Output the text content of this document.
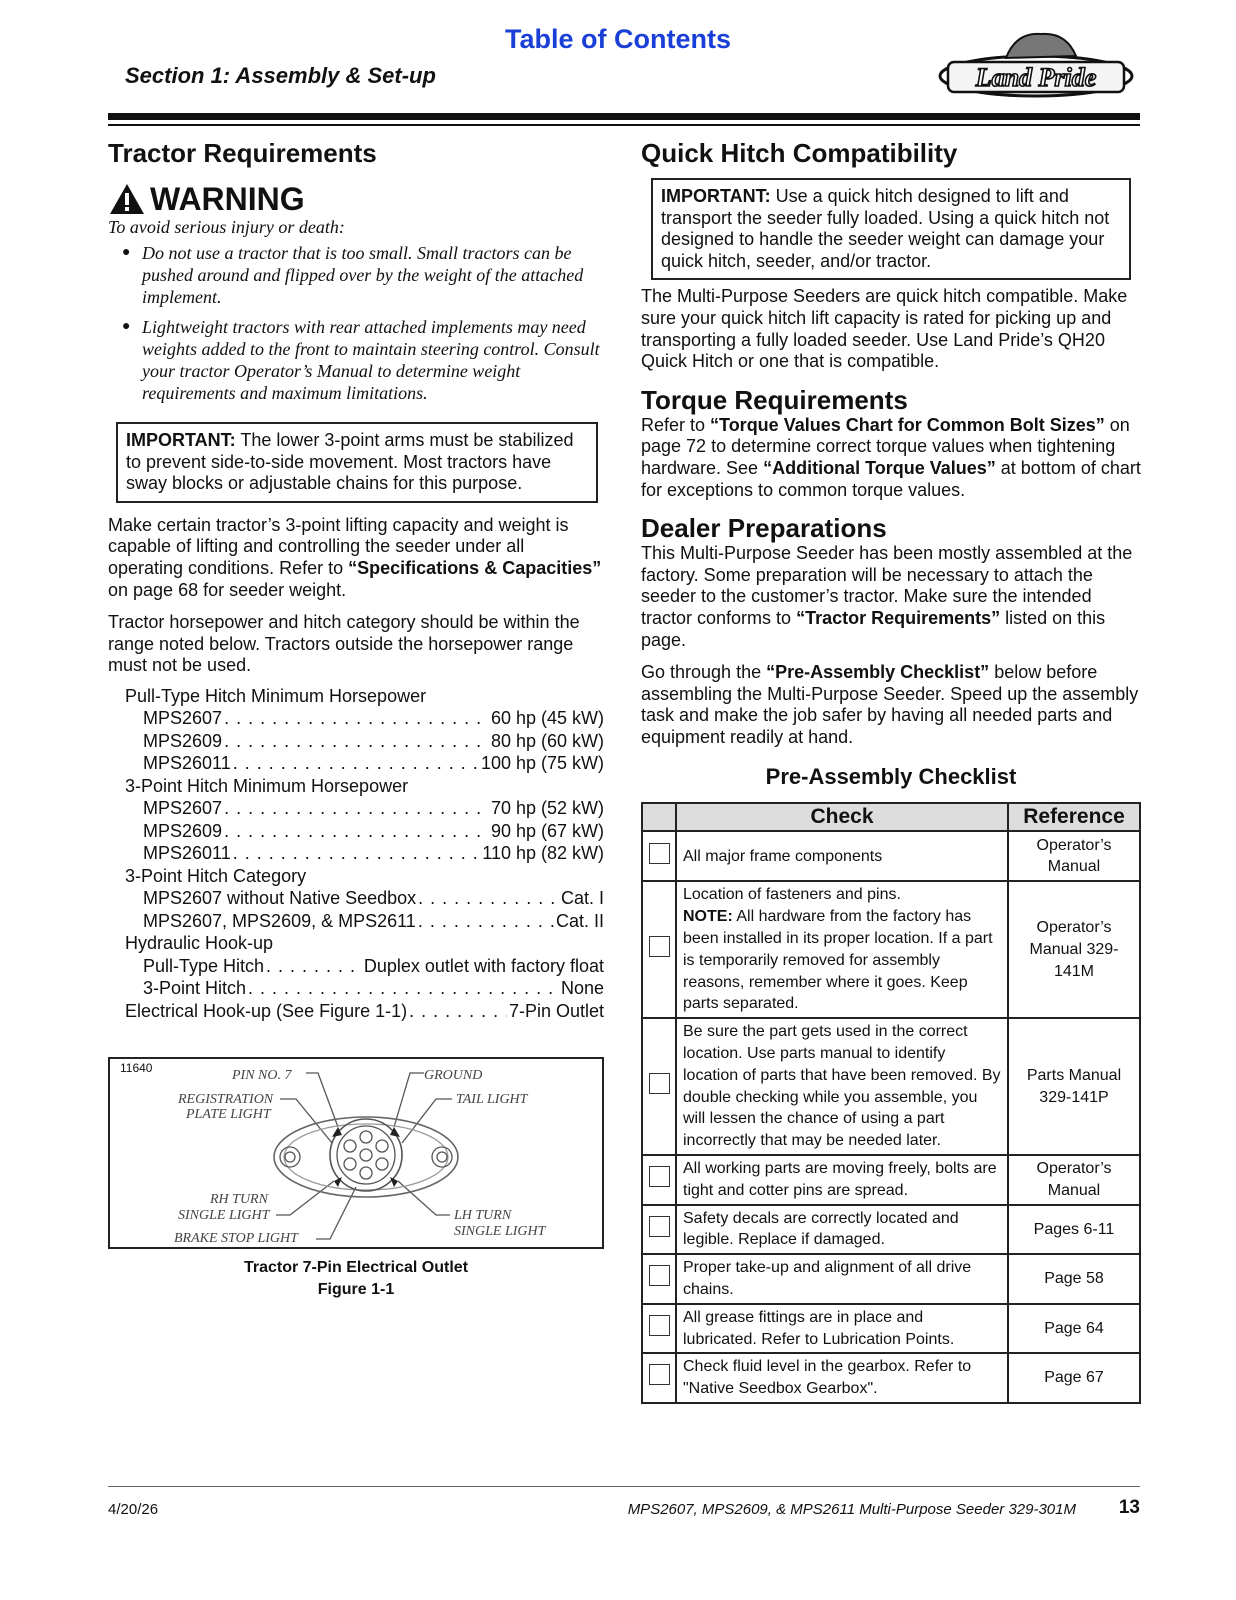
Table of Contents
Section 1: Assembly & Set-up	Land Pride
Tractor Requirements
WARNING
To avoid serious injury or death:
● Do not use a tractor that is too small. Small tractors can be pushed around and flipped over by the weight of the attached implement.
● Lightweight tractors with rear attached implements may need weights added to the front to maintain steering control. Consult your tractor Operator’s Manual to determine weight requirements and maximum limitations.
IMPORTANT: The lower 3-point arms must be stabilized to prevent side-to-side movement. Most tractors have sway blocks or adjustable chains for this purpose.

Make certain tractor’s 3-point lifting capacity and weight is capable of lifting and controlling the seeder under all operating conditions. Refer to “Specifications & Capacities” on page 68 for seeder weight.

Tractor horsepower and hitch category should be within the range noted below. Tractors outside the horsepower range must not be used.

Pull-Type Hitch Minimum Horsepower
MPS2607 . . .	60 hp (45 kW)
MPS2609 . . .	80 hp (60 kW)
MPS26011 . . .	100 hp (75 kW)
3-Point Hitch Minimum Horsepower
MPS2607 . . .	70 hp (52 kW)
MPS2609 . . .	90 hp (67 kW)
MPS26011 . . .	110 hp (82 kW)
3-Point Hitch Category
MPS2607 without Native Seedbox . . .	Cat. I
MPS2607, MPS2609, & MPS2611 . . .	Cat. II
Hydraulic Hook-up
Pull-Type Hitch . . .	Duplex outlet with factory float
3-Point Hitch . . .	None
Electrical Hook-up (See Figure 1-1) . . .	7-Pin Outlet
11640	PIN NO. 7	GROUND
REGISTRATION
PLATE LIGHT
TAIL LIGHT
RH TURN
SINGLE LIGHT
BRAKE STOP LIGHT
LH TURN
SINGLE LIGHT
Tractor 7-Pin Electrical Outlet
Figure 1-1
Quick Hitch Compatibility
IMPORTANT: Use a quick hitch designed to lift and transport the seeder fully loaded. Using a quick hitch not designed to handle the seeder weight can damage your quick hitch, seeder, and/or tractor.

The Multi-Purpose Seeders are quick hitch compatible. Make sure your quick hitch lift capacity is rated for picking up and transporting a fully loaded seeder. Use Land Pride’s QH20 Quick Hitch or one that is compatible.

Torque Requirements

Refer to “Torque Values Chart for Common Bolt Sizes” on page 72 to determine correct torque values when tightening hardware. See “Additional Torque Values” at bottom of chart for exceptions to common torque values.

Dealer Preparations

This Multi-Purpose Seeder has been mostly assembled at the factory. Some preparation will be necessary to attach the seeder to the customer’s tractor. Make sure the intended tractor conforms to “Tractor Requirements” listed on this page.

Go through the “Pre-Assembly Checklist” below before assembling the Multi-Purpose Seeder. Speed up the assembly task and make the job safer by having all needed parts and equipment readily at hand.

Pre-Assembly Checklist
	Check	Reference
	All major frame components	Operator’s Manual

	Location of fasteners and pins.
NOTE: All hardware from the factory has been installed in its proper location. If a part is temporarily removed for assembly reasons, remember where it goes. Keep parts separated.	Operator’s Manual 329-141M
	Be sure the part gets used in the correct location. Use parts manual to identify location of parts that have been removed. By double checking while you assemble, you will lessen the chance of using a part incorrectly that may be needed later.	Parts Manual 329-141P
	All working parts are moving freely, bolts are tight and cotter pins are spread.	Operator’s Manual
	Safety decals are correctly located and legible. Replace if damaged.	Pages 6-11
	Proper take-up and alignment of all drive chains.	Page 58
	All grease fittings are in place and lubricated. Refer to Lubrication Points.	Page 64
	Check fluid level in the gearbox. Refer to "Native Seedbox Gearbox".	Page 67
4/20/26	MPS2607, MPS2609, & MPS2611 Multi-Purpose Seeder 329-301M	13
